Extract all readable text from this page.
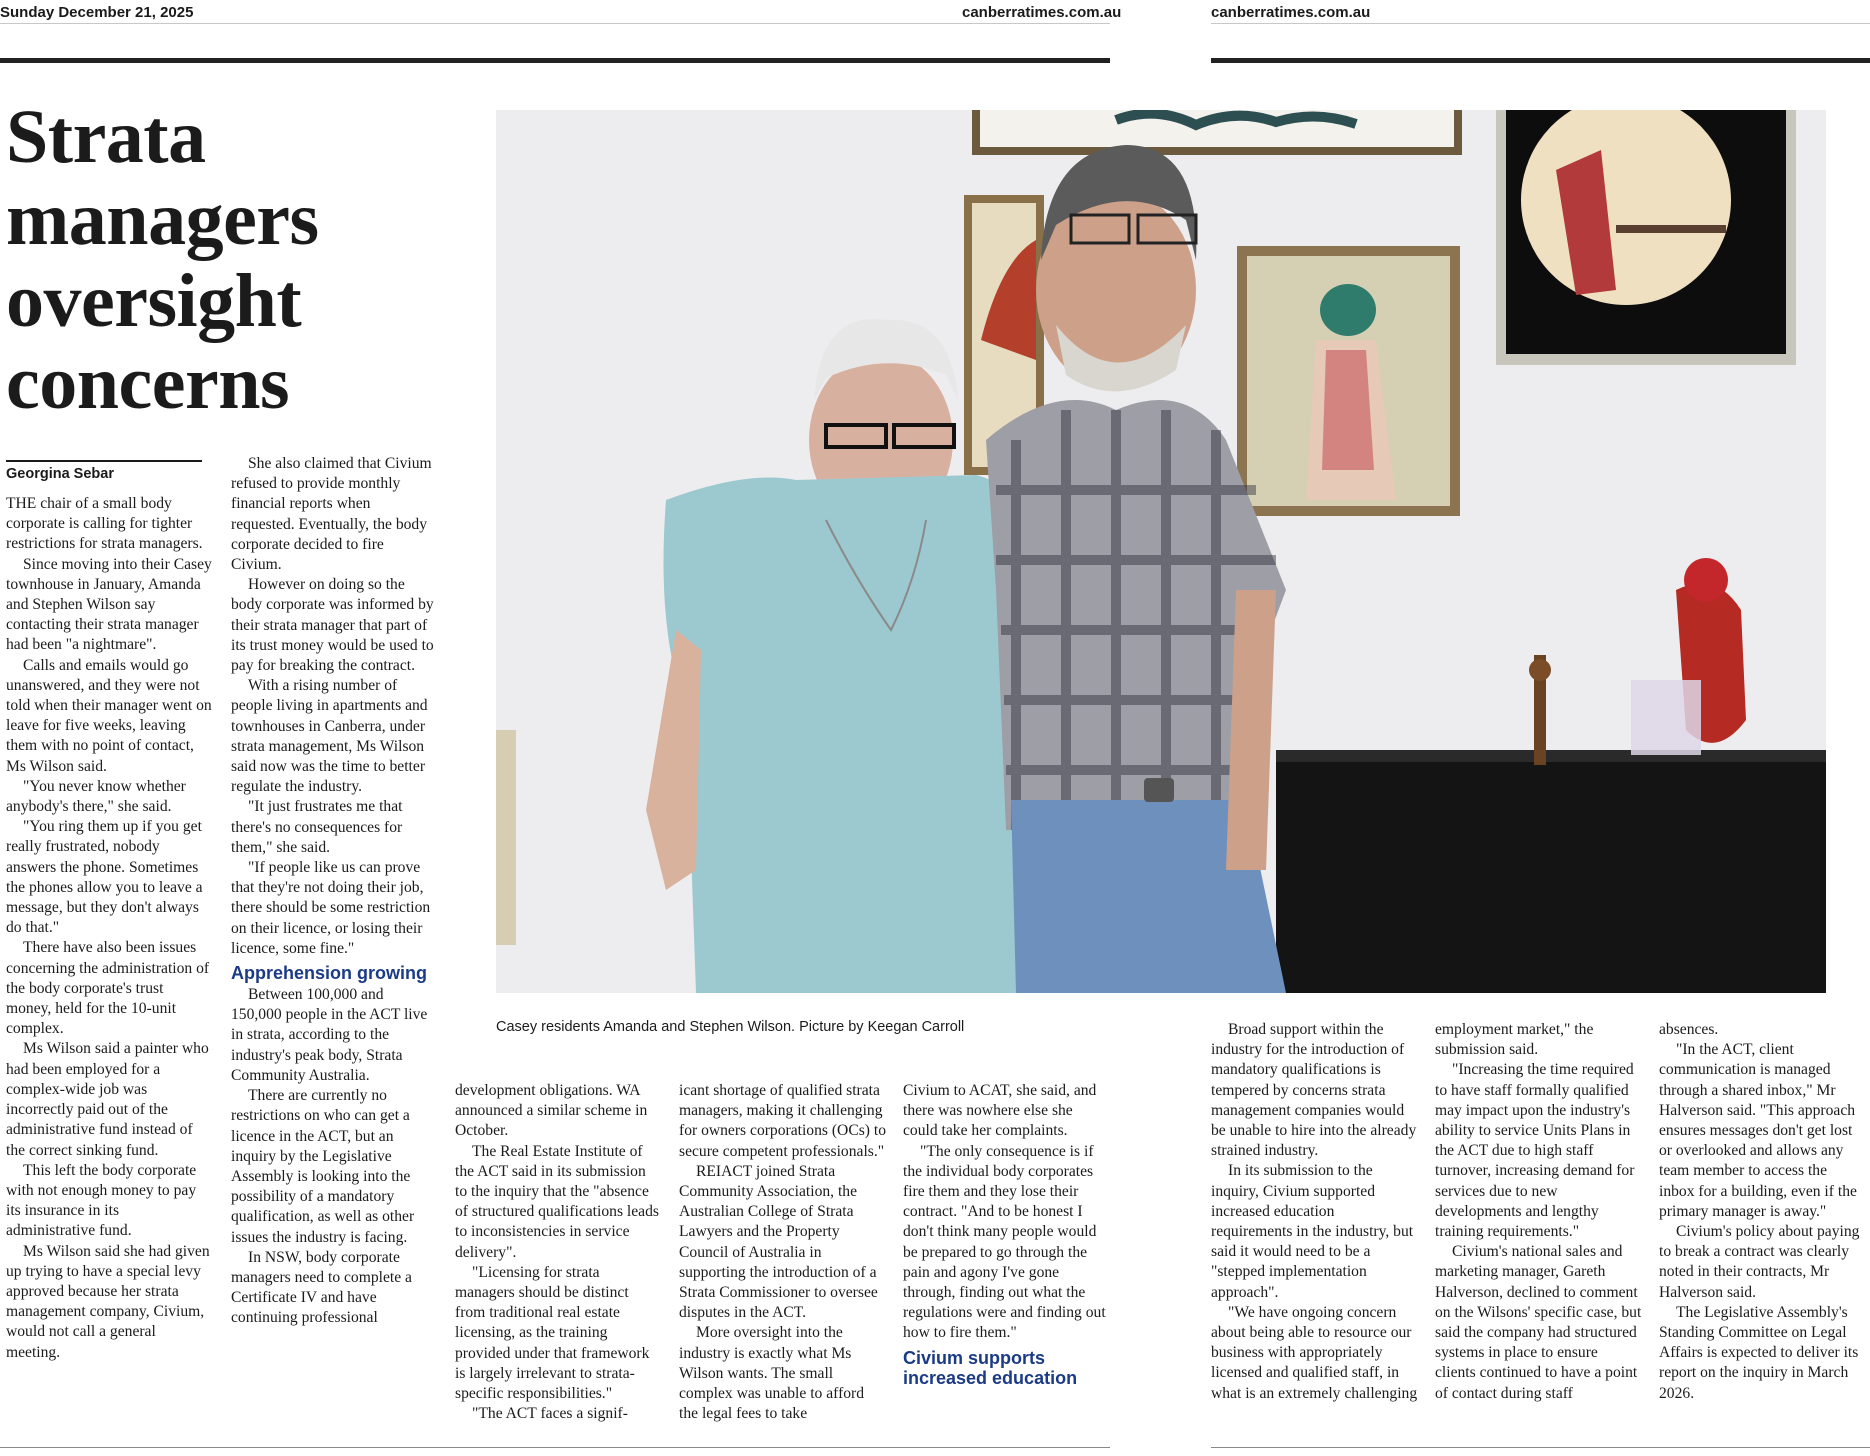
Sunday December 21, 2025	canberratimes.com.au	canberratimes.com.au
Strata
managers
oversight
concerns
Georgina Sebar
Casey residents Amanda and Stephen Wilson. Picture by Keegan Carroll

THE chair of a small body corporate is calling for tighter restrictions for strata managers.

Since moving into their Casey townhouse in January, Amanda and Stephen Wilson say contacting their strata manager had been "a nightmare".

Calls and emails would go unanswered, and they were not told when their manager went on leave for five weeks, leaving them with no point of contact, Ms Wilson said.

"You never know whether anybody's there," she said.

"You ring them up if you get really frustrated, nobody answers the phone. Sometimes the phones allow you to leave a message, but they don't always do that."

There have also been issues concerning the administration of the body corporate's trust money, held for the 10-unit complex.

Ms Wilson said a painter who had been employed for a complex-wide job was incorrectly paid out of the administrative fund instead of the correct sinking fund.

This left the body corporate with not enough money to pay its insurance in its administrative fund.

Ms Wilson said she had given up trying to have a special levy approved because her strata management company, Civium, would not call a general meeting.

She also claimed that Civium refused to provide monthly financial reports when requested. Eventually, the body corporate decided to fire Civium.

However on doing so the body corporate was informed by their strata manager that part of its trust money would be used to pay for breaking the contract.

With a rising number of people living in apartments and townhouses in Canberra, under strata management, Ms Wilson said now was the time to better regulate the industry.

"It just frustrates me that there's no consequences for them," she said.

"If people like us can prove that they're not doing their job, there should be some restriction on their licence, or losing their licence, some fine."

Apprehension growing

Between 100,000 and 150,000 people in the ACT live in strata, according to the industry's peak body, Strata Community Australia.

There are currently no restrictions on who can get a licence in the ACT, but an inquiry by the Legislative Assembly is looking into the possibility of a mandatory qualification, as well as other issues the industry is facing.

In NSW, body corporate managers need to complete a Certificate IV and have continuing professional

development obligations. WA announced a similar scheme in October.

The Real Estate Institute of the ACT said in its submission to the inquiry that the "absence of structured qualifications leads to inconsistencies in service delivery".

"Licensing for strata managers should be distinct from traditional real estate licensing, as the training provided under that framework is largely irrelevant to strata-specific responsibilities."

"The ACT faces a signif-

icant shortage of qualified strata managers, making it challenging for owners corporations (OCs) to secure competent professionals."

REIACT joined Strata Community Association, the Australian College of Strata Lawyers and the Property Council of Australia in supporting the introduction of a Strata Commissioner to oversee disputes in the ACT.

More oversight into the industry is exactly what Ms Wilson wants. The small complex was unable to afford the legal fees to take

Civium to ACAT, she said, and there was nowhere else she could take her complaints.

"The only consequence is if the individual body corporates fire them and they lose their contract. "And to be honest I don't think many people would be prepared to go through the pain and agony I've gone through, finding out what the regulations were and finding out how to fire them."

Civium supports increased education

Broad support within the industry for the introduction of mandatory qualifications is tempered by concerns strata management companies would be unable to hire into the already strained industry.

In its submission to the inquiry, Civium supported increased education requirements in the industry, but said it would need to be a "stepped implementation approach".

"We have ongoing concern about being able to resource our business with appropriately licensed and qualified staff, in what is an extremely challenging

employment market," the submission said.

"Increasing the time required to have staff formally qualified may impact upon the industry's ability to service Units Plans in the ACT due to high staff turnover, increasing demand for services due to new developments and lengthy training requirements."

Civium's national sales and marketing manager, Gareth Halverson, declined to comment on the Wilsons' specific case, but said the company had structured systems in place to ensure clients continued to have a point of contact during staff

absences.

"In the ACT, client communication is managed through a shared inbox," Mr Halverson said. "This approach ensures messages don't get lost or overlooked and allows any team member to access the inbox for a building, even if the primary manager is away."

Civium's policy about paying to break a contract was clearly noted in their contracts, Mr Halverson said.

The Legislative Assembly's Standing Committee on Legal Affairs is expected to deliver its report on the inquiry in March 2026.
